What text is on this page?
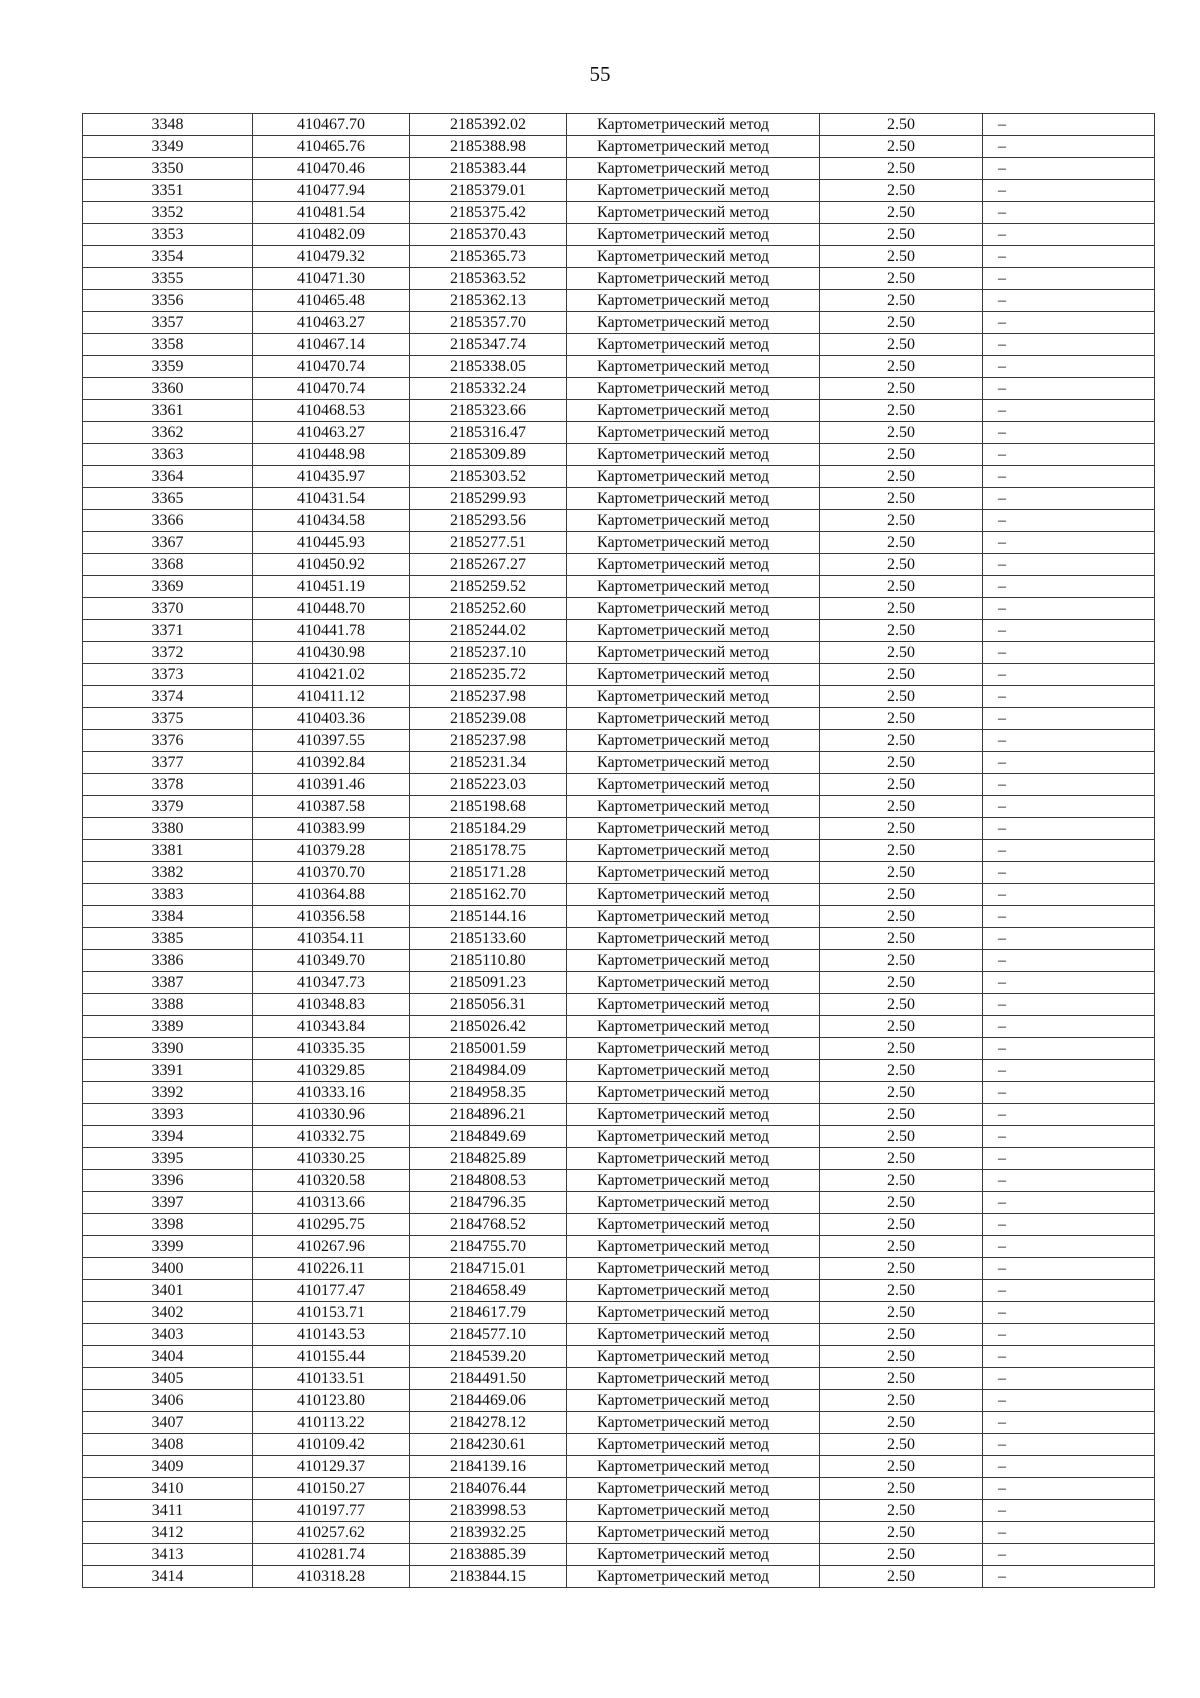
55
3348	410467.70	2185392.02	Картометрический метод	2.50	–
3349	410465.76	2185388.98	Картометрический метод	2.50	–
3350	410470.46	2185383.44	Картометрический метод	2.50	–
3351	410477.94	2185379.01	Картометрический метод	2.50	–
3352	410481.54	2185375.42	Картометрический метод	2.50	–
3353	410482.09	2185370.43	Картометрический метод	2.50	–
3354	410479.32	2185365.73	Картометрический метод	2.50	–
3355	410471.30	2185363.52	Картометрический метод	2.50	–
3356	410465.48	2185362.13	Картометрический метод	2.50	–
3357	410463.27	2185357.70	Картометрический метод	2.50	–
3358	410467.14	2185347.74	Картометрический метод	2.50	–
3359	410470.74	2185338.05	Картометрический метод	2.50	–
3360	410470.74	2185332.24	Картометрический метод	2.50	–
3361	410468.53	2185323.66	Картометрический метод	2.50	–
3362	410463.27	2185316.47	Картометрический метод	2.50	–
3363	410448.98	2185309.89	Картометрический метод	2.50	–
3364	410435.97	2185303.52	Картометрический метод	2.50	–
3365	410431.54	2185299.93	Картометрический метод	2.50	–
3366	410434.58	2185293.56	Картометрический метод	2.50	–
3367	410445.93	2185277.51	Картометрический метод	2.50	–
3368	410450.92	2185267.27	Картометрический метод	2.50	–
3369	410451.19	2185259.52	Картометрический метод	2.50	–
3370	410448.70	2185252.60	Картометрический метод	2.50	–
3371	410441.78	2185244.02	Картометрический метод	2.50	–
3372	410430.98	2185237.10	Картометрический метод	2.50	–
3373	410421.02	2185235.72	Картометрический метод	2.50	–
3374	410411.12	2185237.98	Картометрический метод	2.50	–
3375	410403.36	2185239.08	Картометрический метод	2.50	–
3376	410397.55	2185237.98	Картометрический метод	2.50	–
3377	410392.84	2185231.34	Картометрический метод	2.50	–
3378	410391.46	2185223.03	Картометрический метод	2.50	–
3379	410387.58	2185198.68	Картометрический метод	2.50	–
3380	410383.99	2185184.29	Картометрический метод	2.50	–
3381	410379.28	2185178.75	Картометрический метод	2.50	–
3382	410370.70	2185171.28	Картометрический метод	2.50	–
3383	410364.88	2185162.70	Картометрический метод	2.50	–
3384	410356.58	2185144.16	Картометрический метод	2.50	–
3385	410354.11	2185133.60	Картометрический метод	2.50	–
3386	410349.70	2185110.80	Картометрический метод	2.50	–
3387	410347.73	2185091.23	Картометрический метод	2.50	–
3388	410348.83	2185056.31	Картометрический метод	2.50	–
3389	410343.84	2185026.42	Картометрический метод	2.50	–
3390	410335.35	2185001.59	Картометрический метод	2.50	–
3391	410329.85	2184984.09	Картометрический метод	2.50	–
3392	410333.16	2184958.35	Картометрический метод	2.50	–
3393	410330.96	2184896.21	Картометрический метод	2.50	–
3394	410332.75	2184849.69	Картометрический метод	2.50	–
3395	410330.25	2184825.89	Картометрический метод	2.50	–
3396	410320.58	2184808.53	Картометрический метод	2.50	–
3397	410313.66	2184796.35	Картометрический метод	2.50	–
3398	410295.75	2184768.52	Картометрический метод	2.50	–
3399	410267.96	2184755.70	Картометрический метод	2.50	–
3400	410226.11	2184715.01	Картометрический метод	2.50	–
3401	410177.47	2184658.49	Картометрический метод	2.50	–
3402	410153.71	2184617.79	Картометрический метод	2.50	–
3403	410143.53	2184577.10	Картометрический метод	2.50	–
3404	410155.44	2184539.20	Картометрический метод	2.50	–
3405	410133.51	2184491.50	Картометрический метод	2.50	–
3406	410123.80	2184469.06	Картометрический метод	2.50	–
3407	410113.22	2184278.12	Картометрический метод	2.50	–
3408	410109.42	2184230.61	Картометрический метод	2.50	–
3409	410129.37	2184139.16	Картометрический метод	2.50	–
3410	410150.27	2184076.44	Картометрический метод	2.50	–
3411	410197.77	2183998.53	Картометрический метод	2.50	–
3412	410257.62	2183932.25	Картометрический метод	2.50	–
3413	410281.74	2183885.39	Картометрический метод	2.50	–
3414	410318.28	2183844.15	Картометрический метод	2.50	–
